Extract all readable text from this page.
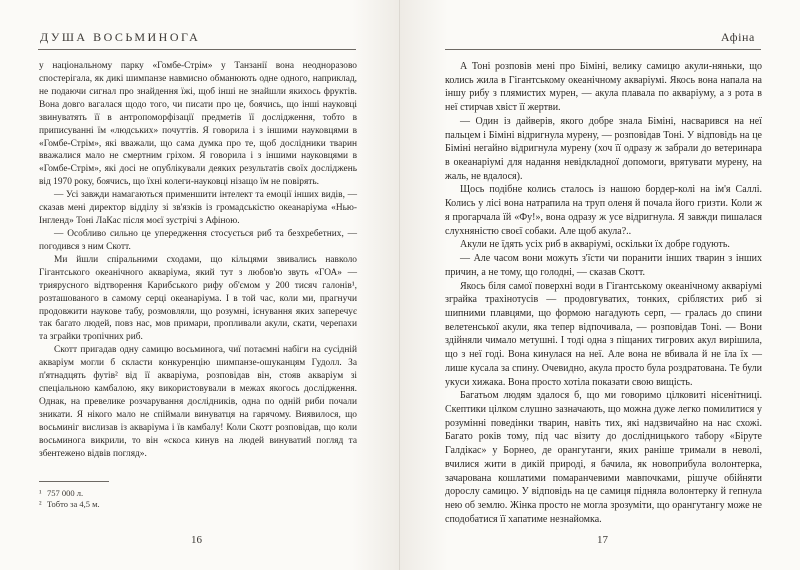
ДУША ВОСЬМИНОГА

у національному парку «Гомбе-Стрім» у Танзанії вона неодноразово спостерігала, як дикі шимпанзе навмисно обманюють одне одного, наприклад, не подаючи сигнал про знайдення їжі, щоб інші не знайшли якихось фруктів. Вона довго вагалася щодо того, чи писати про це, боячись, що інші науковці звинуватять її в антропоморфізації предметів її дослідження, тобто в приписуванні їм «людських» почуттів. Я говорила і з іншими науковцями в «Гомбе-Стрім», які вважали, що сама думка про те, щоб дослідники тварин вважалися мало не смертним гріхом. Я говорила і з іншими науковцями в «Гомбе-Стрім», які досі не опублікували деяких результатів своїх досліджень від 1970 року, боячись, що їхні колеги-науковці нізащо їм не повірять.

— Усі завжди намагаються применшити інтелект та емоції інших видів, — сказав мені директор відділу зі зв'язків із громадськістю океанаріума «Нью-Інгленд» Тоні ЛаКас після моєї зустрічі з Афіною.

— Особливо сильно це упередження стосується риб та безхребетних, — погодився з ним Скотт.

Ми йшли спіральними сходами, що кільцями звивались навколо Гігантського океанічного акваріума, який тут з любов'ю звуть «ГОА» — триярусного відтворення Карибського рифу об'ємом у 200 тисяч галонів¹, розташованого в самому серці океанаріума. І в той час, коли ми, прагнучи продовжити наукове табу, розмовляли, що розумні, існування яких заперечує так багато людей, повз нас, мов примари, пропливали акули, скати, черепахи та зграйки тропічних риб.

Скотт пригадав одну самицю восьминога, чиї потаємні набіги на сусідній акваріум могли б скласти конкуренцію шимпанзе-ошуканцям Гудолл. За п'ятнадцять футів² від її акваріума, розповідав він, стояв акваріум зі спеціальною камбалою, яку використовували в межах якогось дослідження. Однак, на превелике розчарування дослідників, одна по одній риби почали зникати. Я нікого мало не спіймали винуватця на гарячому. Виявилося, що восьминіг вислизав із акваріума і їв камбалу! Коли Скотт розповідав, що коли восьминога викрили, то він «скоса кинув на людей винуватий погляд та збентежено відвів погляд».

¹ 757 000 л.
² Тобто за 4,5 м.
16
Афіна

А Тоні розповів мені про Біміні, велику самицю акули-няньки, що колись жила в Гігантському океанічному акваріумі. Якось вона напала на іншу рибу з плямистих мурен, — акула плавала по акваріуму, а з рота в неї стирчав хвіст її жертви.

— Один із дайверів, якого добре знала Біміні, насварився на неї пальцем і Біміні відригнула мурену, — розповідав Тоні. У відповідь на це Біміні негайно відригнула мурену (хоч її одразу ж забрали до ветеринара в океанаріумі для надання невідкладної допомоги, врятувати мурену, на жаль, не вдалося).

Щось подібне колись сталось із нашою бордер-колі на ім'я Саллі. Колись у лісі вона натрапила на труп оленя й почала його гризти. Коли ж я прогарчала їй «Фу!», вона одразу ж усе відригнула. Я завжди пишалася слухняністю своєї собаки. Але щоб акула?..

Акули не їдять усіх риб в акваріумі, оскільки їх добре годують.

— Але часом вони можуть з'їсти чи поранити інших тварин з інших причин, а не тому, що голодні, — сказав Скотт.

Якось біля самої поверхні води в Гігантському океанічному акваріумі зграйка трахінотусів — продовгуватих, тонких, сріблястих риб зі шипними плавцями, що формою нагадують серп, — гралась до спини велетенської акули, яка тепер відпочивала, — розповідав Тоні. — Вони здійняли чимало метушні. І тоді одна з піщаних тигрових акул вирішила, що з неї годі. Вона кинулася на неї. Але вона не вбивала й не їла їх — лише кусала за спину. Очевидно, акула просто була роздратована. Те були укуси хижака. Вона просто хотіла показати свою вищість.

Багатьом людям здалося б, що ми говоримо цілковиті нісенітниці. Скептики цілком слушно зазначають, що можна дуже легко помилитися у розумінні поведінки тварин, навіть тих, які надзвичайно на нас схожі. Багато років тому, під час візиту до дослідницького табору «Біруте Галдікас» у Борнео, де орангутанги, яких раніше тримали в неволі, вчилися жити в дикій природі, я бачила, як новоприбула волонтерка, зачарована кошлатими помаранчевими мавпочками, рішуче обійняти дорослу самицю. У відповідь на це самиця підняла волонтерку й гепнула нею об землю. Жінка просто не могла зрозуміти, що орангутангу може не сподобатися її хапатиме незнайомка.

17
